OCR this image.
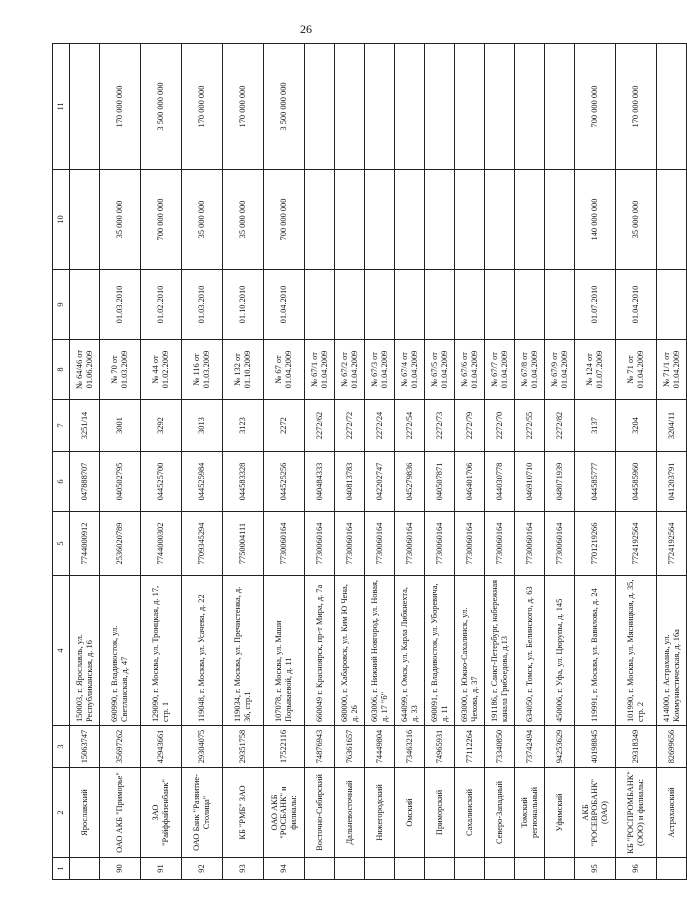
26
1	2	3	4	5	6	7	8	9	10	11
	Ярославский	15063747	150003, г. Ярославль, ул. Республиканская, д. 16	7744000912	047888707	3251/14	№ 64/46 от 01.06.2009			
90	ОАО АКБ "Приморье"	35697262	690990, г. Владивосток, ул. Светланская, д. 47	2536020789	040502795	3001	№ 70 от 01.03.2009	01.03.2010	35 000 000	170 000 000
91	ЗАО "Райффайзенбанк"	42943661	129090, г. Москва, ул. Троицкая, д. 17, стр. 1	7744000302	044525700	3292	№ 44 от 01.02.2009	01.02.2010	700 000 000	3 500 000 000
92	ОАО Банк "Развитие-Столица"	29304075	119048, г. Москва, ул. Усачева, д. 22	7709345294	044525984	3013	№ 116 от 01.03.2009	01.03.2010	35 000 000	170 000 000
93	КБ "РМБ" ЗАО	29351758	119034, г. Москва, ул. Пречистенка, д. 36, стр.1	7750004111	044583328	3123	№ 132 от 01.10.2009	01.10.2010	35 000 000	170 000 000
94	ОАО АКБ "РОСБАНК" и филиалы:	17522116	107078, г. Москва, ул. Маши Порываевой, д. 11	7730060164	044525256	2272	№ 67 от 01.04.2009	01.04.2010	700 000 000	3 500 000 000
	Восточно-Сибирский	74876943	660049 г. Красноярск, пр-т Мира, д. 7а	7730060164	040484333	2272/62	№ 67/1 от 01.04.2009			
	Дальневосточный	76361657	680000, г. Хабаровск, ул. Ким Ю Чена, д. 26	7730060164	040813783	2272/72	№ 67/2 от 01.04.2009			
	Нижегородский	74449804	603006, г. Нижний Новгород, ул. Новая, д. 17 "б"	7730060164	042202747	2272/24	№ 67/3 от 01.04.2009			
	Омский	73463216	644099, г. Омск, ул. Карла Либкнехта, д. 33	7730060164	045279836	2272/54	№ 67/4 от 01.04.2009			
	Приморский	74965931	690091, г. Владивосток, ул. Уборевича, д. 11	7730060164	040507871	2272/73	№ 67/5 от 01.04.2009			
	Сахалинский	77112264	693000, г. Южно-Сахалинск, ул. Чехова, д. 37	7730060164	046401706	2272/79	№ 67/6 от 01.04.2009			
	Северо-Западный	73340850	191186, г. Санкт-Петербург, набережная канала Грибоедова, д.13	7730060164	044030778	2272/70	№ 67/7 от 01.04.2009			
	Томский региональный	73742494	634050, г. Томск, ул. Белинского, д. 63	7730060164	046910710	2272/55	№ 67/8 от 01.04.2009			
	Уфимский	94253629	450006, г. Уфа, ул. Цюрупы, д. 145	7730060164	048071939	2272/82	№ 67/9 от 01.04.2009			
95	АКБ "РОСЕВРОБАНК" (ОАО)	40198845	119991, г. Москва, ул. Вавилова, д. 24	7701219266	044585777	3137	№ 124 от 01.07.2009	01.07.2010	140 000 000	700 000 000
96	КБ "РОСПРОМБАНК" (ООО) и филиалы:	29318349	101990, г. Москва, ул. Мясницкая, д. 35, стр. 2	7724192564	044585960	3204	№ 71 от 01.04.2009	01.04.2010	35 000 000	170 000 000
	Астраханский	82699656	414000, г. Астрахань, ул. Коммунистическая, д. 16а	7724192564	041203791	3204/11	№ 71/1 от 01.04.2009			
